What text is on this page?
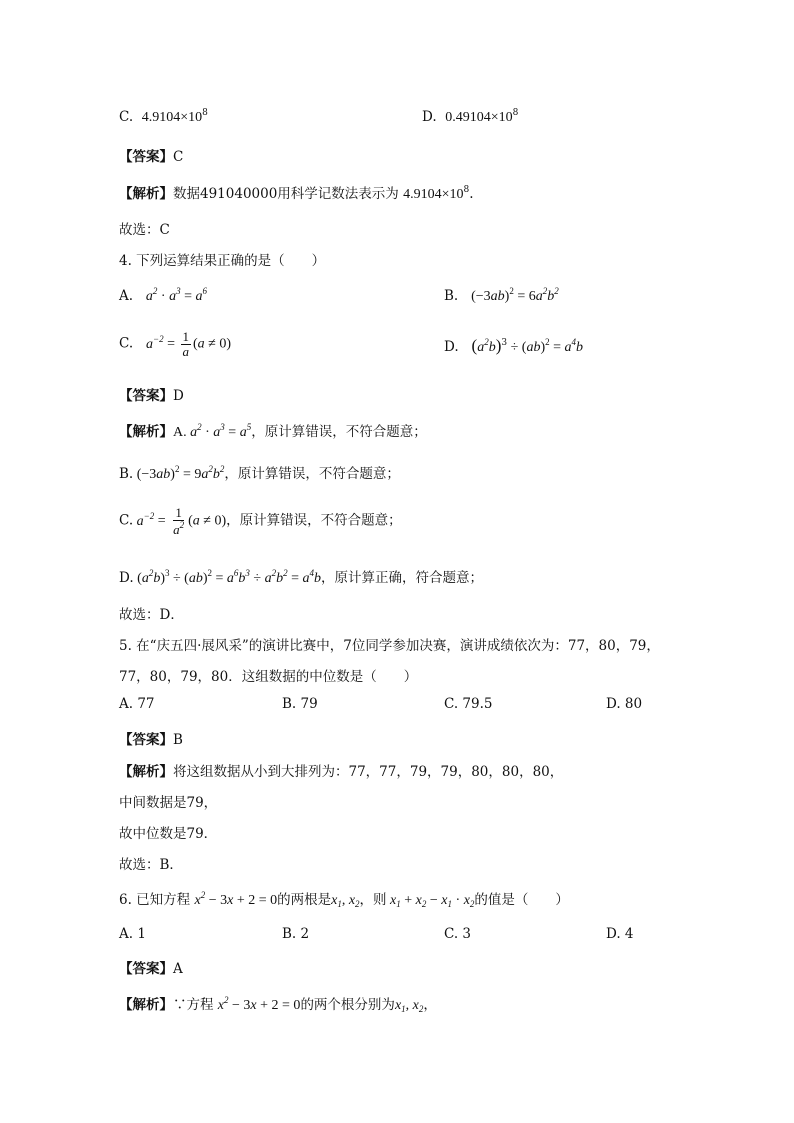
C. $4.9104\times 10^8$	D. $0.49104\times 10^8$
【答案】C
【解析】数据491040000用科学记数法表示为 $4.9104\times 10^8$.
故选：C
4. 下列运算结果正确的是（　　）
A. $a^2 \cdot a^3 = a^6$	B. $(-3ab)^2 = 6a^2b^2$
C. $a^{-2} = \frac{1}{a} (a \ne 0)$	D. $(a^2b)^3 \div (ab)^2 = a^4b$
【答案】D
【解析】A. $a^2 \cdot a^3 = a^5$，原计算错误，不符合题意；
B. $(-3ab)^2 = 9a^2b^2$，原计算错误，不符合题意；
C. $a^{-2} = \frac{1}{a^2} (a \ne 0)$，原计算错误，不符合题意；
D. $(a^2b)^3 \div (ab)^2 = a^6b^3 \div a^2b^2 = a^4b$，原计算正确，符合题意；
故选：D．
5. 在“庆五四·展风采”的演讲比赛中，7位同学参加决赛，演讲成绩依次为：77，80，79，
77，80，79，80．这组数据的中位数是（　　）
A. 77	B. 79	C. 79.5	D. 80
【答案】B
【解析】将这组数据从小到大排列为：77，77，79，79，80，80，80，
中间数据是79，
故中位数是79．
故选：B．
6. 已知方程 $x^2 - 3x + 2 = 0$的两根是$x_1$, $x_2$，则 $x_1 + x_2 - x_1 \cdot x_2$的值是（　　）
A. 1	B. 2	C. 3	D. 4
【答案】A
【解析】∵方程 $x^2 - 3x + 2 = 0$的两个根分别为$x_1$, $x_2$，
